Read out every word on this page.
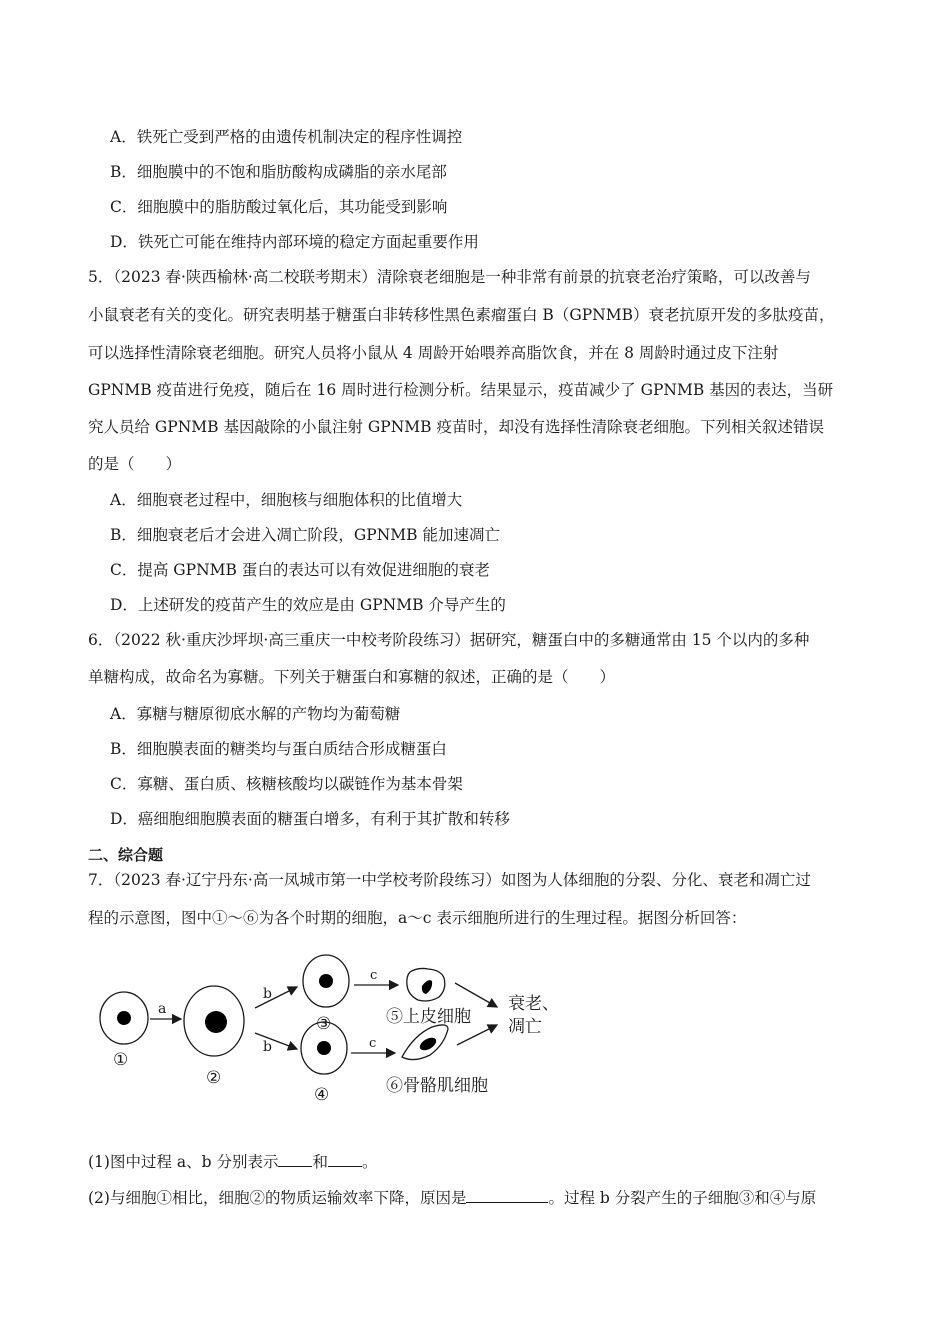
A．铁死亡受到严格的由遗传机制决定的程序性调控
B．细胞膜中的不饱和脂肪酸构成磷脂的亲水尾部
C．细胞膜中的脂肪酸过氧化后，其功能受到影响
D．铁死亡可能在维持内部环境的稳定方面起重要作用
5．（2023 春·陕西榆林·高二校联考期末）清除衰老细胞是一种非常有前景的抗衰老治疗策略，可以改善与
小鼠衰老有关的变化。研究表明基于糖蛋白非转移性黑色素瘤蛋白 B（GPNMB）衰老抗原开发的多肽疫苗，
可以选择性清除衰老细胞。研究人员将小鼠从 4 周龄开始喂养高脂饮食，并在 8 周龄时通过皮下注射
GPNMB 疫苗进行免疫，随后在 16 周时进行检测分析。结果显示，疫苗减少了 GPNMB 基因的表达，当研
究人员给 GPNMB 基因敲除的小鼠注射 GPNMB 疫苗时，却没有选择性清除衰老细胞。下列相关叙述错误
的是（　　）
A．细胞衰老过程中，细胞核与细胞体积的比值增大
B．细胞衰老后才会进入凋亡阶段，GPNMB 能加速凋亡
C．提高 GPNMB 蛋白的表达可以有效促进细胞的衰老
D．上述研发的疫苗产生的效应是由 GPNMB 介导产生的
6．（2022 秋·重庆沙坪坝·高三重庆一中校考阶段练习）据研究，糖蛋白中的多糖通常由 15 个以内的多种
单糖构成，故命名为寡糖。下列关于糖蛋白和寡糖的叙述，正确的是（　　）
A．寡糖与糖原彻底水解的产物均为葡萄糖
B．细胞膜表面的糖类均与蛋白质结合形成糖蛋白
C．寡糖、蛋白质、核糖核酸均以碳链作为基本骨架
D．癌细胞细胞膜表面的糖蛋白增多，有利于其扩散和转移
二、综合题
7．（2023 春·辽宁丹东·高一凤城市第一中学校考阶段练习）如图为人体细胞的分裂、分化、衰老和凋亡过
程的示意图，图中①～⑥为各个时期的细胞，a～c 表示细胞所进行的生理过程。据图分析回答：
a
b
b
c
c
①
②
③
④
⑤上皮细胞
⑥骨骼肌细胞
衰老、
凋亡
(1)图中过程 a、b 分别表示 和 。
(2)与细胞①相比，细胞②的物质运输效率下降，原因是	。过程 b 分裂产生的子细胞③和④与原
